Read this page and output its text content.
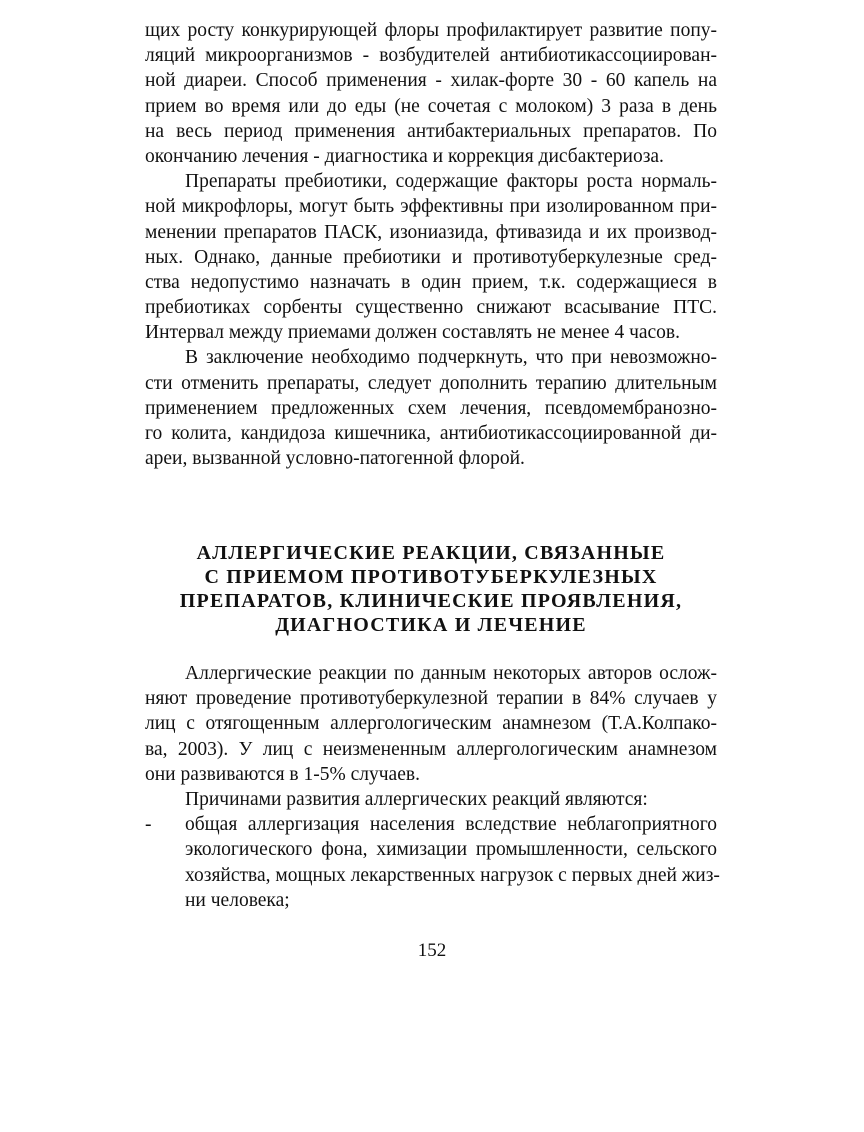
щих росту конкурирующей флоры профилактирует развитие попу-
ляций микроорганизмов - возбудителей антибиотикассоциирован-
ной диареи. Способ применения - хилак-форте 30 - 60 капель на
прием во время или до еды (не сочетая с молоком) 3 раза в день
на весь период применения антибактериальных препаратов. По
окончанию лечения - диагностика и коррекция дисбактериоза.
Препараты пребиотики, содержащие факторы роста нормаль-
ной микрофлоры, могут быть эффективны при изолированном при-
менении препаратов ПАСК, изониазида, фтивазида и их производ-
ных. Однако, данные пребиотики и противотуберкулезные сред-
ства недопустимо назначать в один прием, т.к. содержащиеся в
пребиотиках сорбенты существенно снижают всасывание ПТС.
Интервал между приемами должен составлять не менее 4 часов.
В заключение необходимо подчеркнуть, что при невозможно-
сти отменить препараты, следует дополнить терапию длительным
применением предложенных схем лечения, псевдомембранозно-
го колита, кандидоза кишечника, антибиотикассоциированной ди-
ареи, вызванной условно-патогенной флорой.
АЛЛЕРГИЧЕСКИЕ РЕАКЦИИ, СВЯЗАННЫЕ
С ПРИЕМОМ ПРОТИВОТУБЕРКУЛЕЗНЫХ
ПРЕПАРАТОВ, КЛИНИЧЕСКИЕ ПРОЯВЛЕНИЯ,
ДИАГНОСТИКА И ЛЕЧЕНИЕ
Аллергические реакции по данным некоторых авторов ослож-
няют проведение противотуберкулезной терапии в 84% случаев у
лиц с отягощенным аллергологическим анамнезом (Т.А.Колпако-
ва, 2003). У лиц с неизмененным аллергологическим анамнезом
они развиваются в 1-5% случаев.
Причинами развития аллергических реакций являются:
- общая аллергизация населения вследствие неблагоприятного
экологического фона, химизации промышленности, сельского
хозяйства, мощных лекарственных нагрузок с первых дней жиз-
ни человека;
152
